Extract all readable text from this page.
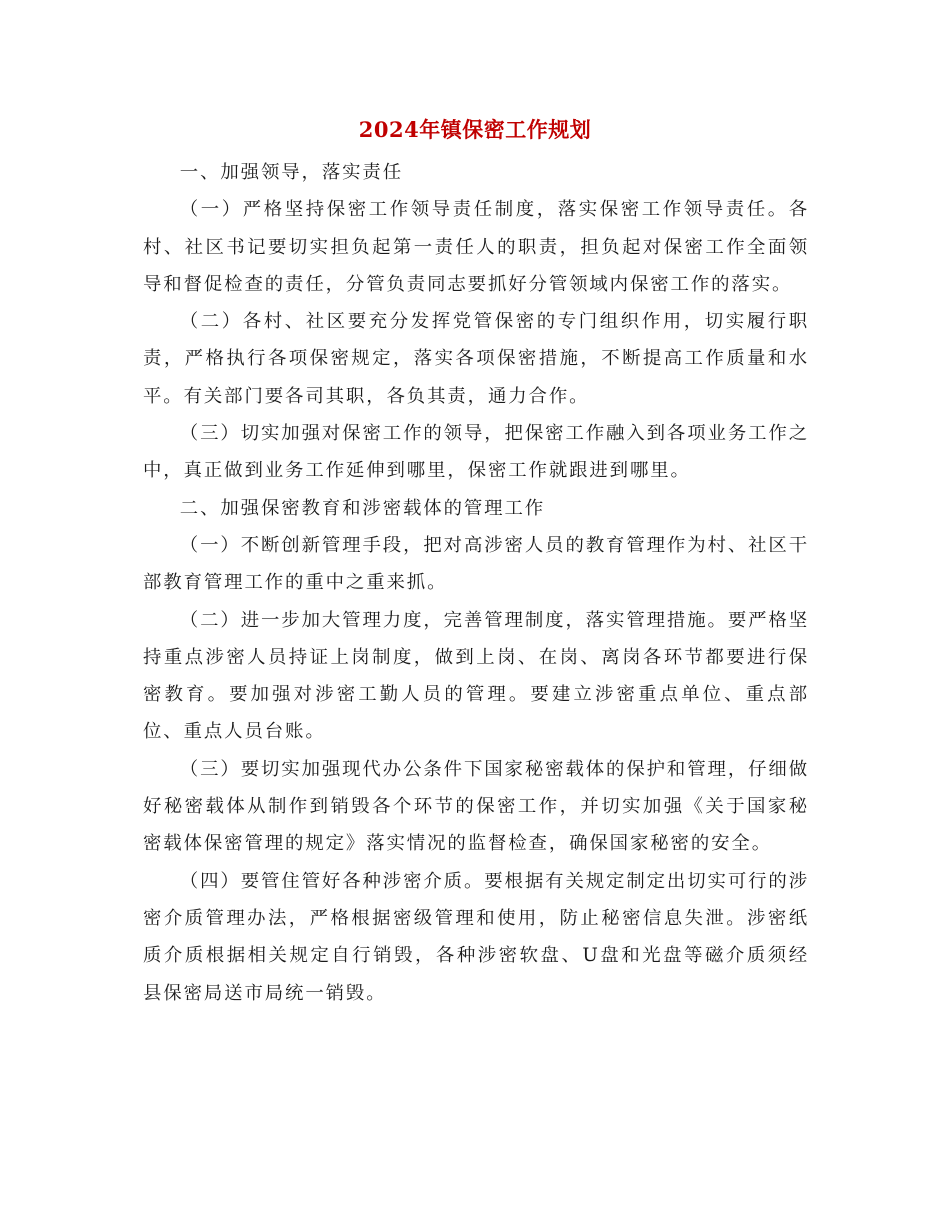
2024年镇保密工作规划

一、加强领导，落实责任

（一）严格坚持保密工作领导责任制度，落实保密工作领导责任。各村、社区书记要切实担负起第一责任人的职责，担负起对保密工作全面领导和督促检查的责任，分管负责同志要抓好分管领域内保密工作的落实。

（二）各村、社区要充分发挥党管保密的专门组织作用，切实履行职责，严格执行各项保密规定，落实各项保密措施，不断提高工作质量和水平。有关部门要各司其职，各负其责，通力合作。

（三）切实加强对保密工作的领导，把保密工作融入到各项业务工作之中，真正做到业务工作延伸到哪里，保密工作就跟进到哪里。

二、加强保密教育和涉密载体的管理工作

（一）不断创新管理手段，把对高涉密人员的教育管理作为村、社区干部教育管理工作的重中之重来抓。

（二）进一步加大管理力度，完善管理制度，落实管理措施。要严格坚持重点涉密人员持证上岗制度，做到上岗、在岗、离岗各环节都要进行保密教育。要加强对涉密工勤人员的管理。要建立涉密重点单位、重点部位、重点人员台账。

（三）要切实加强现代办公条件下国家秘密载体的保护和管理，仔细做好秘密载体从制作到销毁各个环节的保密工作，并切实加强《关于国家秘密载体保密管理的规定》落实情况的监督检查，确保国家秘密的安全。

（四）要管住管好各种涉密介质。要根据有关规定制定出切实可行的涉密介质管理办法，严格根据密级管理和使用，防止秘密信息失泄。涉密纸质介质根据相关规定自行销毁，各种涉密软盘、U盘和光盘等磁介质须经县保密局送市局统一销毁。
